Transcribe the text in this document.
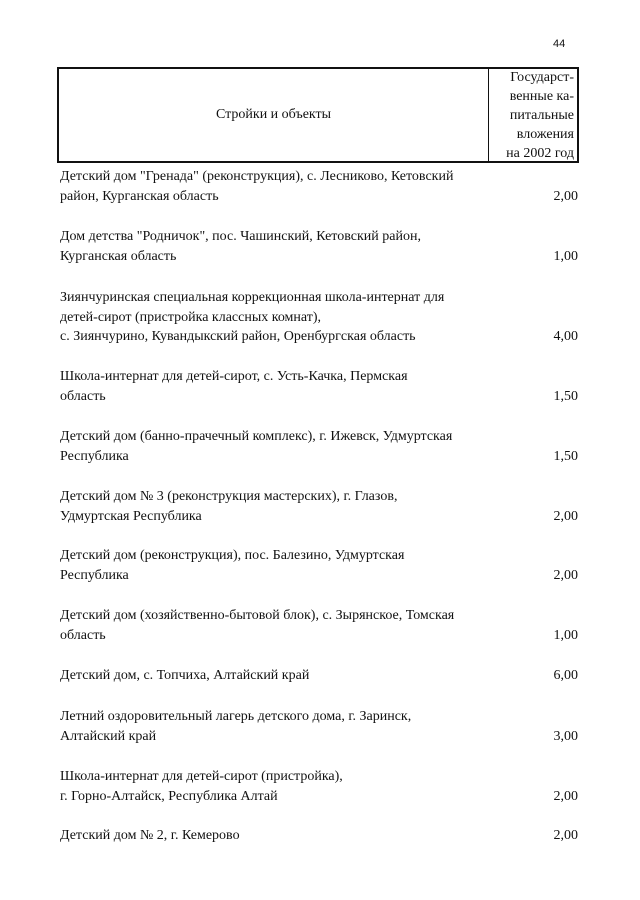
44
Стройки и объекты
Государст-
венные ка-
питальные
вложения
на 2002 год
Детский дом "Гренада" (реконструкция), с. Лесниково, Кетовский
район, Курганская область	2,00
Дом детства "Родничок", пос. Чашинский, Кетовский район,
Курганская область	1,00
Зиянчуринская специальная коррекционная школа-интернат для
детей-сирот (пристройка классных комнат),
с. Зиянчурино, Кувандыкский район, Оренбургская область	4,00
Школа-интернат для детей-сирот, с. Усть-Качка, Пермская
область	1,50
Детский дом (банно-прачечный комплекс), г. Ижевск, Удмуртская
Республика	1,50
Детский дом № 3 (реконструкция мастерских), г. Глазов,
Удмуртская Республика	2,00
Детский дом (реконструкция), пос. Балезино, Удмуртская
Республика	2,00
Детский дом (хозяйственно-бытовой блок), с. Зырянское, Томская
область	1,00
Детский дом, с. Топчиха, Алтайский край	6,00
Летний оздоровительный лагерь детского дома, г. Заринск,
Алтайский край	3,00
Школа-интернат для детей-сирот (пристройка),
г. Горно-Алтайск, Республика Алтай	2,00
Детский дом № 2, г. Кемерово	2,00
